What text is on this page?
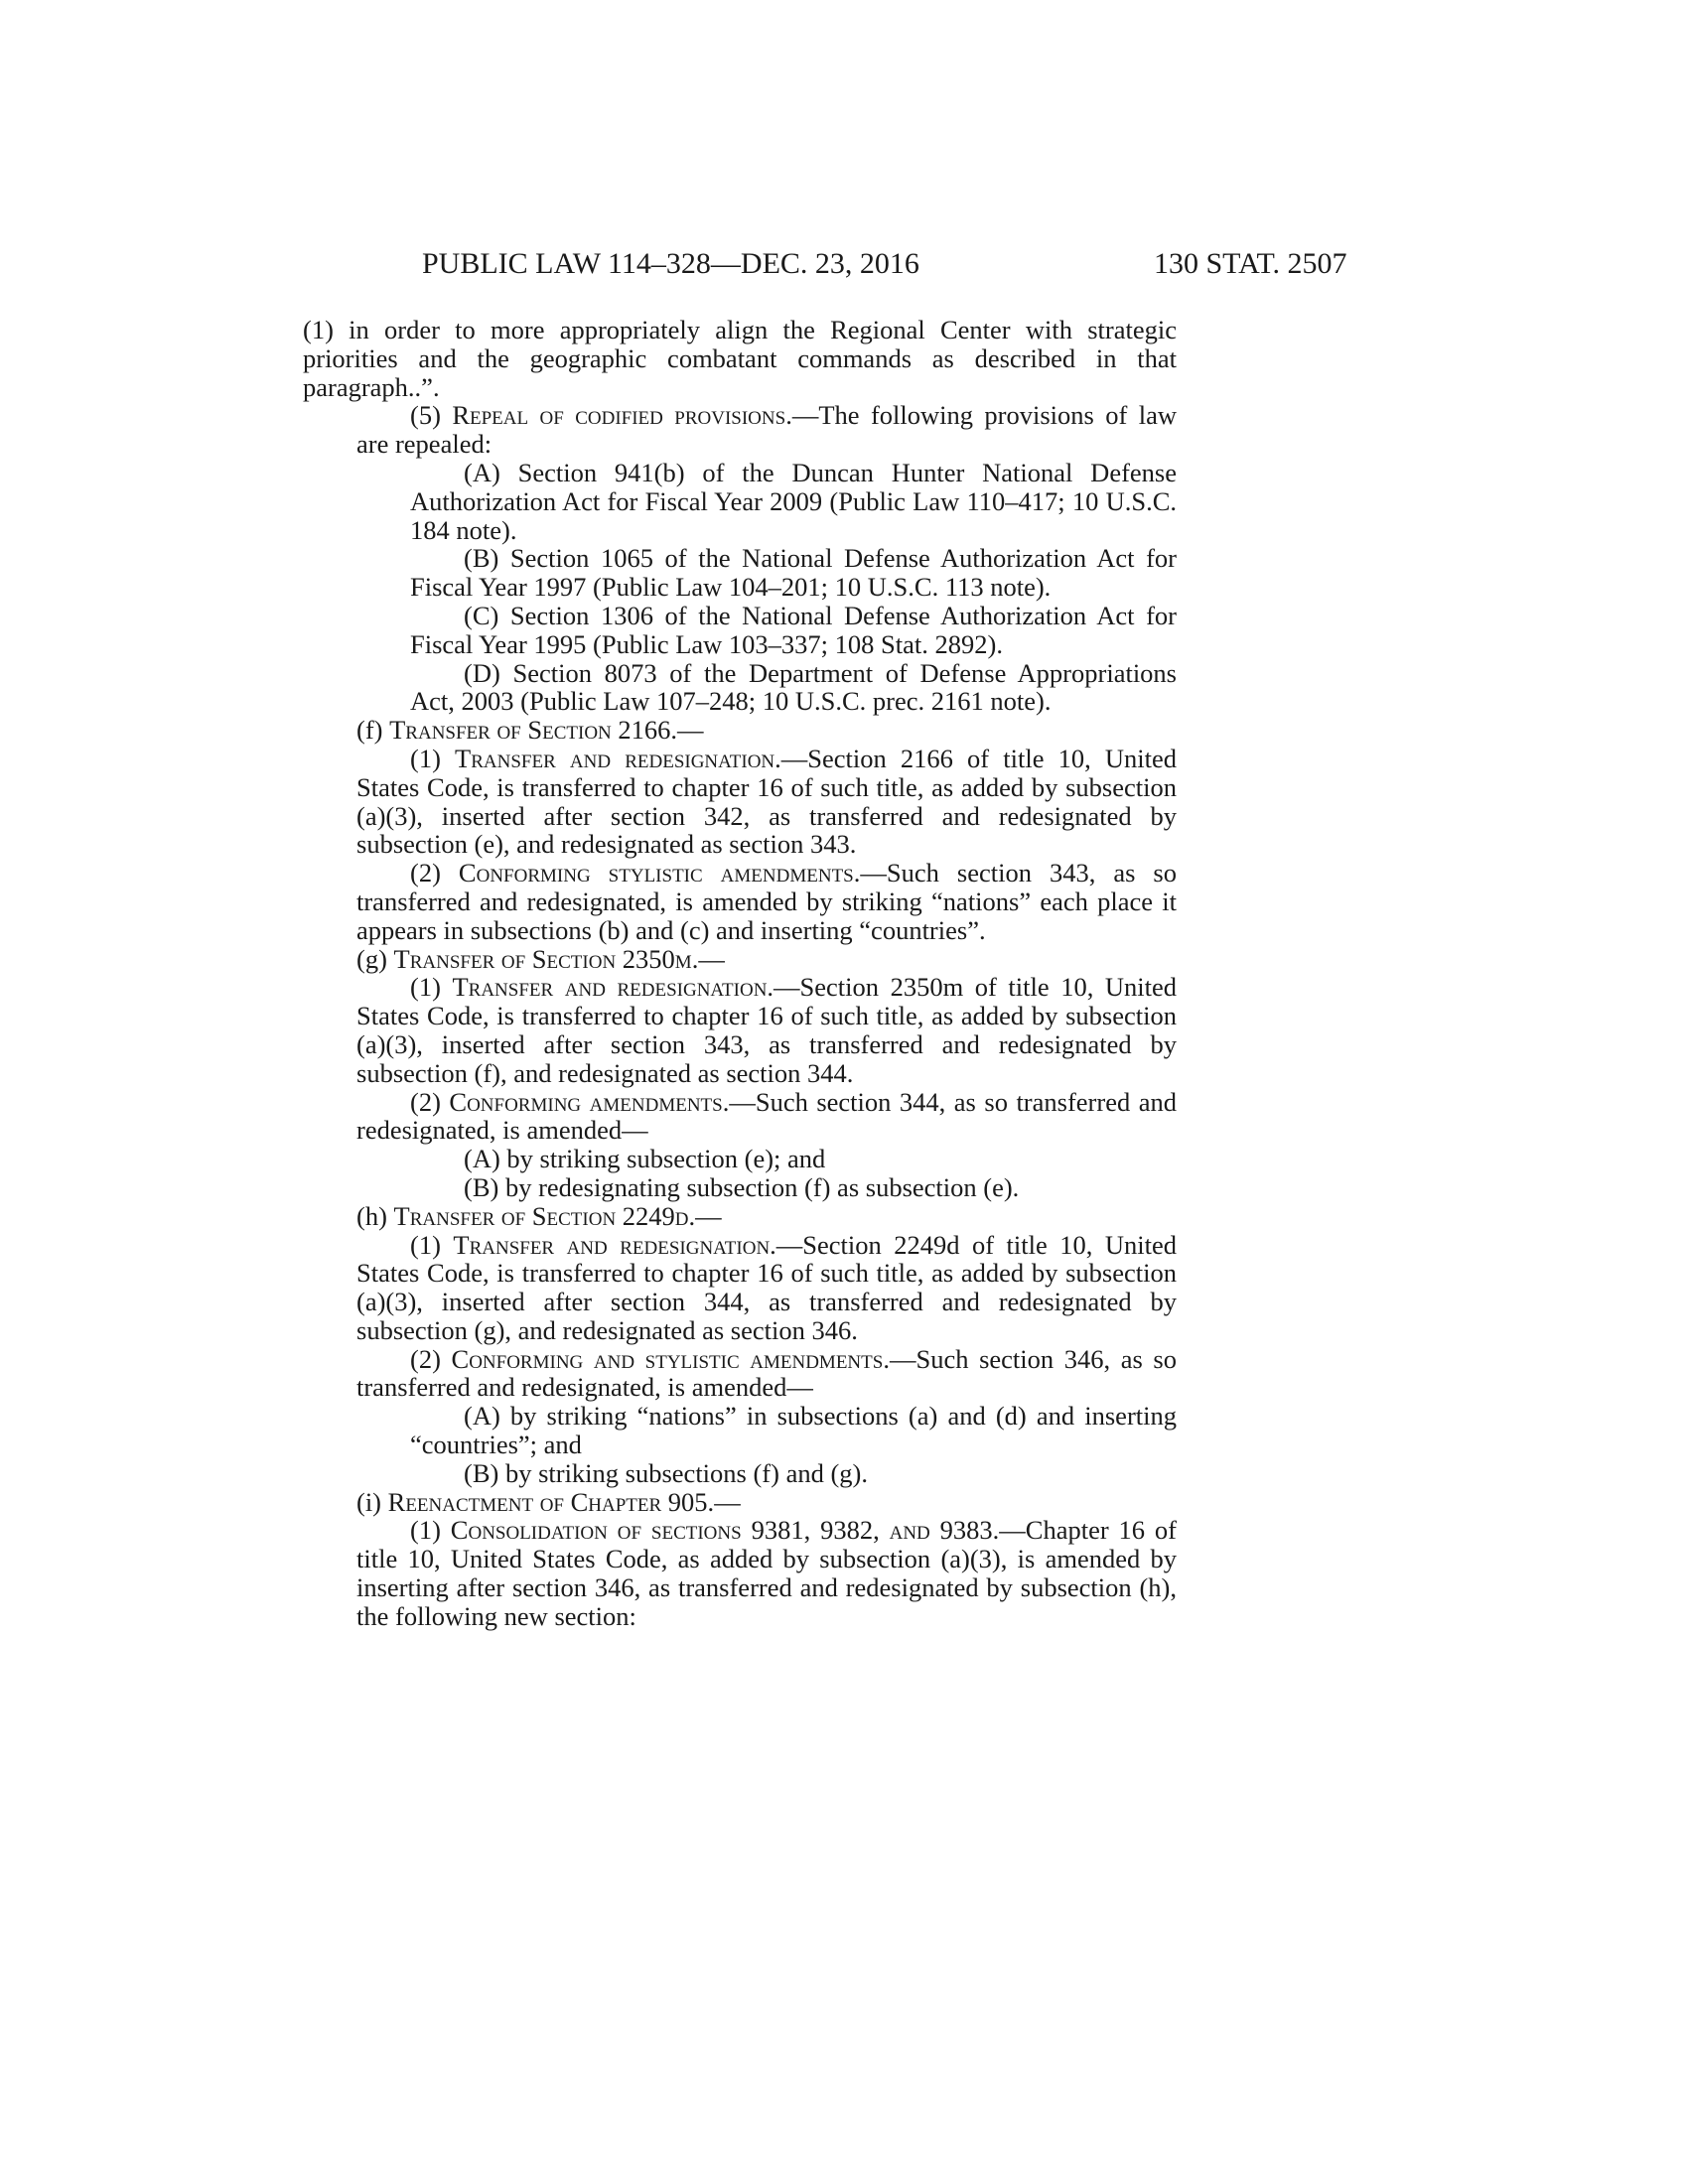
PUBLIC LAW 114–328—DEC. 23, 2016	130 STAT. 2507

(1) in order to more appropriately align the Regional Center with strategic priorities and the geographic combatant commands as described in that paragraph..”.

(5) Repeal of codified provisions.—The following provisions of law are repealed:

(A) Section 941(b) of the Duncan Hunter National Defense Authorization Act for Fiscal Year 2009 (Public Law 110–417; 10 U.S.C. 184 note).

(B) Section 1065 of the National Defense Authorization Act for Fiscal Year 1997 (Public Law 104–201; 10 U.S.C. 113 note).

(C) Section 1306 of the National Defense Authorization Act for Fiscal Year 1995 (Public Law 103–337; 108 Stat. 2892).

(D) Section 8073 of the Department of Defense Appropriations Act, 2003 (Public Law 107–248; 10 U.S.C. prec. 2161 note).

(f) Transfer of Section 2166.—

(1) Transfer and redesignation.—Section 2166 of title 10, United States Code, is transferred to chapter 16 of such title, as added by subsection (a)(3), inserted after section 342, as transferred and redesignated by subsection (e), and redesignated as section 343.

(2) Conforming stylistic amendments.—Such section 343, as so transferred and redesignated, is amended by striking “nations” each place it appears in subsections (b) and (c) and inserting “countries”.

(g) Transfer of Section 2350m.—

(1) Transfer and redesignation.—Section 2350m of title 10, United States Code, is transferred to chapter 16 of such title, as added by subsection (a)(3), inserted after section 343, as transferred and redesignated by subsection (f), and redesignated as section 344.

(2) Conforming amendments.—Such section 344, as so transferred and redesignated, is amended—

(A) by striking subsection (e); and

(B) by redesignating subsection (f) as subsection (e).

(h) Transfer of Section 2249d.—

(1) Transfer and redesignation.—Section 2249d of title 10, United States Code, is transferred to chapter 16 of such title, as added by subsection (a)(3), inserted after section 344, as transferred and redesignated by subsection (g), and redesignated as section 346.

(2) Conforming and stylistic amendments.—Such section 346, as so transferred and redesignated, is amended—

(A) by striking “nations” in subsections (a) and (d) and inserting “countries”; and

(B) by striking subsections (f) and (g).

(i) Reenactment of Chapter 905.—

(1) Consolidation of sections 9381, 9382, and 9383.—Chapter 16 of title 10, United States Code, as added by subsection (a)(3), is amended by inserting after section 346, as transferred and redesignated by subsection (h), the following new section:
